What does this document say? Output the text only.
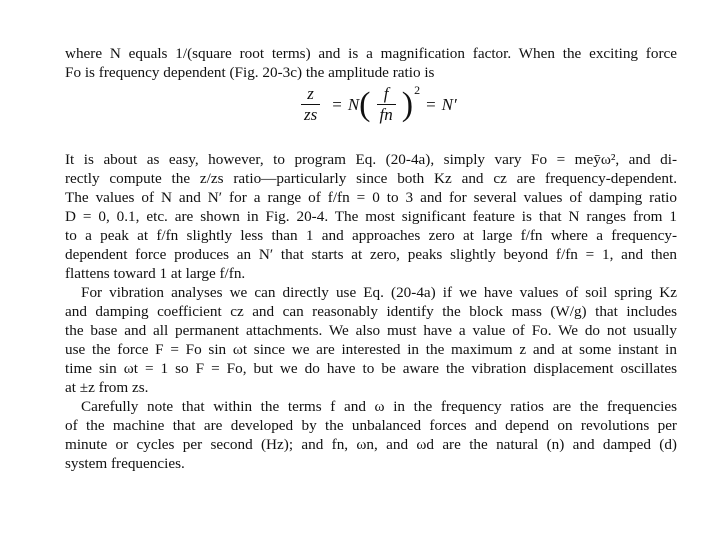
where N equals 1/(square root terms) and is a magnification factor. When the exciting force
Fo is frequency dependent (Fig. 20-3c) the amplitude ratio is
$\frac{z}{zs} = N$ ( $\frac{f}{fn}$ ) 2
= N′
It is about as easy, however, to program Eq. (20-4a), simply vary Fo = meȳω², and di-
rectly compute the z/zs ratio—particularly since both Kz and cz are frequency-dependent.
The values of N and N′ for a range of f/fn = 0 to 3 and for several values of damping ratio
D = 0, 0.1, etc. are shown in Fig. 20-4. The most significant feature is that N ranges from 1
to a peak at f/fn slightly less than 1 and approaches zero at large f/fn where a frequency-
dependent force produces an N′ that starts at zero, peaks slightly beyond f/fn = 1, and then
flattens toward 1 at large f/fn.
For vibration analyses we can directly use Eq. (20-4a) if we have values of soil spring Kz
and damping coefficient cz and can reasonably identify the block mass (W/g) that includes
the base and all permanent attachments. We also must have a value of Fo. We do not usually
use the force F = Fo sin ωt since we are interested in the maximum z and at some instant in
time sin ωt = 1 so F = Fo, but we do have to be aware the vibration displacement oscillates
at ±z from zs.
Carefully note that within the terms f and ω in the frequency ratios are the frequencies
of the machine that are developed by the unbalanced forces and depend on revolutions per
minute or cycles per second (Hz); and fn, ωn, and ωd are the natural (n) and damped (d)
system frequencies.
